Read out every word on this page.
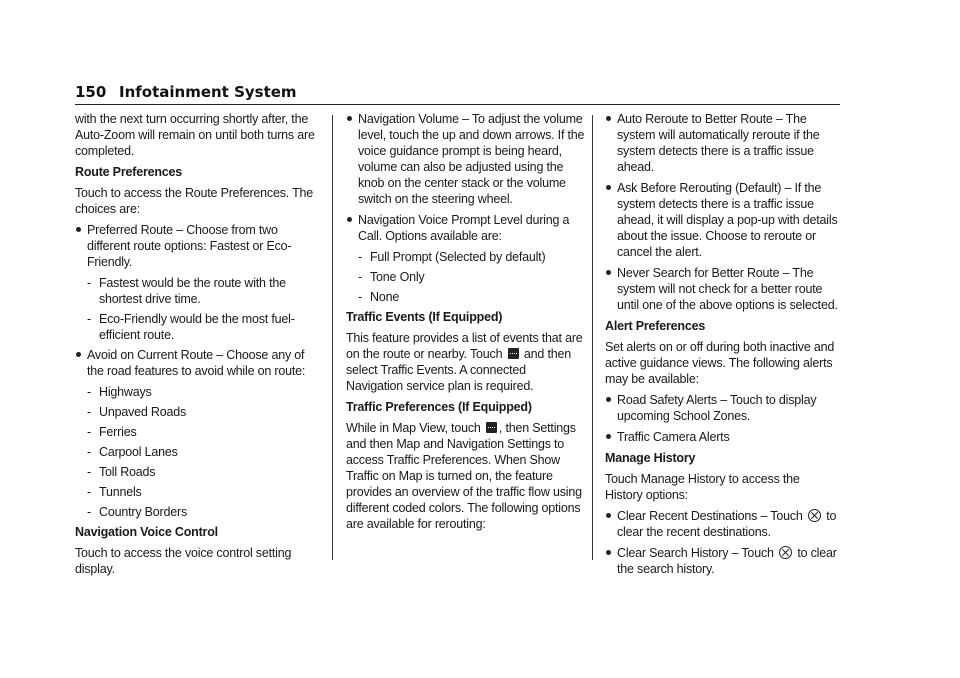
150 Infotainment System

with the next turn occurring shortly after, the Auto-Zoom will remain on until both turns are completed.

Route Preferences

Touch to access the Route Preferences. The choices are:

Preferred Route – Choose from two different route options: Fastest or Eco-Friendly.
- Fastest would be the route with the shortest drive time.
- Eco-Friendly would be the most fuel-efficient route.
Avoid on Current Route – Choose any of the road features to avoid while on route:
- Highways
- Unpaved Roads
- Ferries
- Carpool Lanes
- Toll Roads
- Tunnels
- Country Borders

Navigation Voice Control

Touch to access the voice control setting display.

Navigation Volume – To adjust the volume level, touch the up and down arrows. If the voice guidance prompt is being heard, volume can also be adjusted using the knob on the center stack or the volume switch on the steering wheel.
Navigation Voice Prompt Level during a Call. Options available are:
- Full Prompt (Selected by default)
- Tone Only
- None

Traffic Events (If Equipped)

This feature provides a list of events that are on the route or nearby. Touch and then select Traffic Events. A connected Navigation service plan is required.

Traffic Preferences (If Equipped)

While in Map View, touch , then Settings and then Map and Navigation Settings to access Traffic Preferences. When Show Traffic on Map is turned on, the feature provides an overview of the traffic flow using different coded colors. The following options are available for rerouting:

Auto Reroute to Better Route – The system will automatically reroute if the system detects there is a traffic issue ahead.
Ask Before Rerouting (Default) – If the system detects there is a traffic issue ahead, it will display a pop-up with details about the issue. Choose to reroute or cancel the alert.
Never Search for Better Route – The system will not check for a better route until one of the above options is selected.

Alert Preferences

Set alerts on or off during both inactive and active guidance views. The following alerts may be available:

Road Safety Alerts – Touch to display upcoming School Zones.
Traffic Camera Alerts

Manage History

Touch Manage History to access the History options:

Clear Recent Destinations – Touch to clear the recent destinations.
Clear Search History – Touch to clear the search history.
